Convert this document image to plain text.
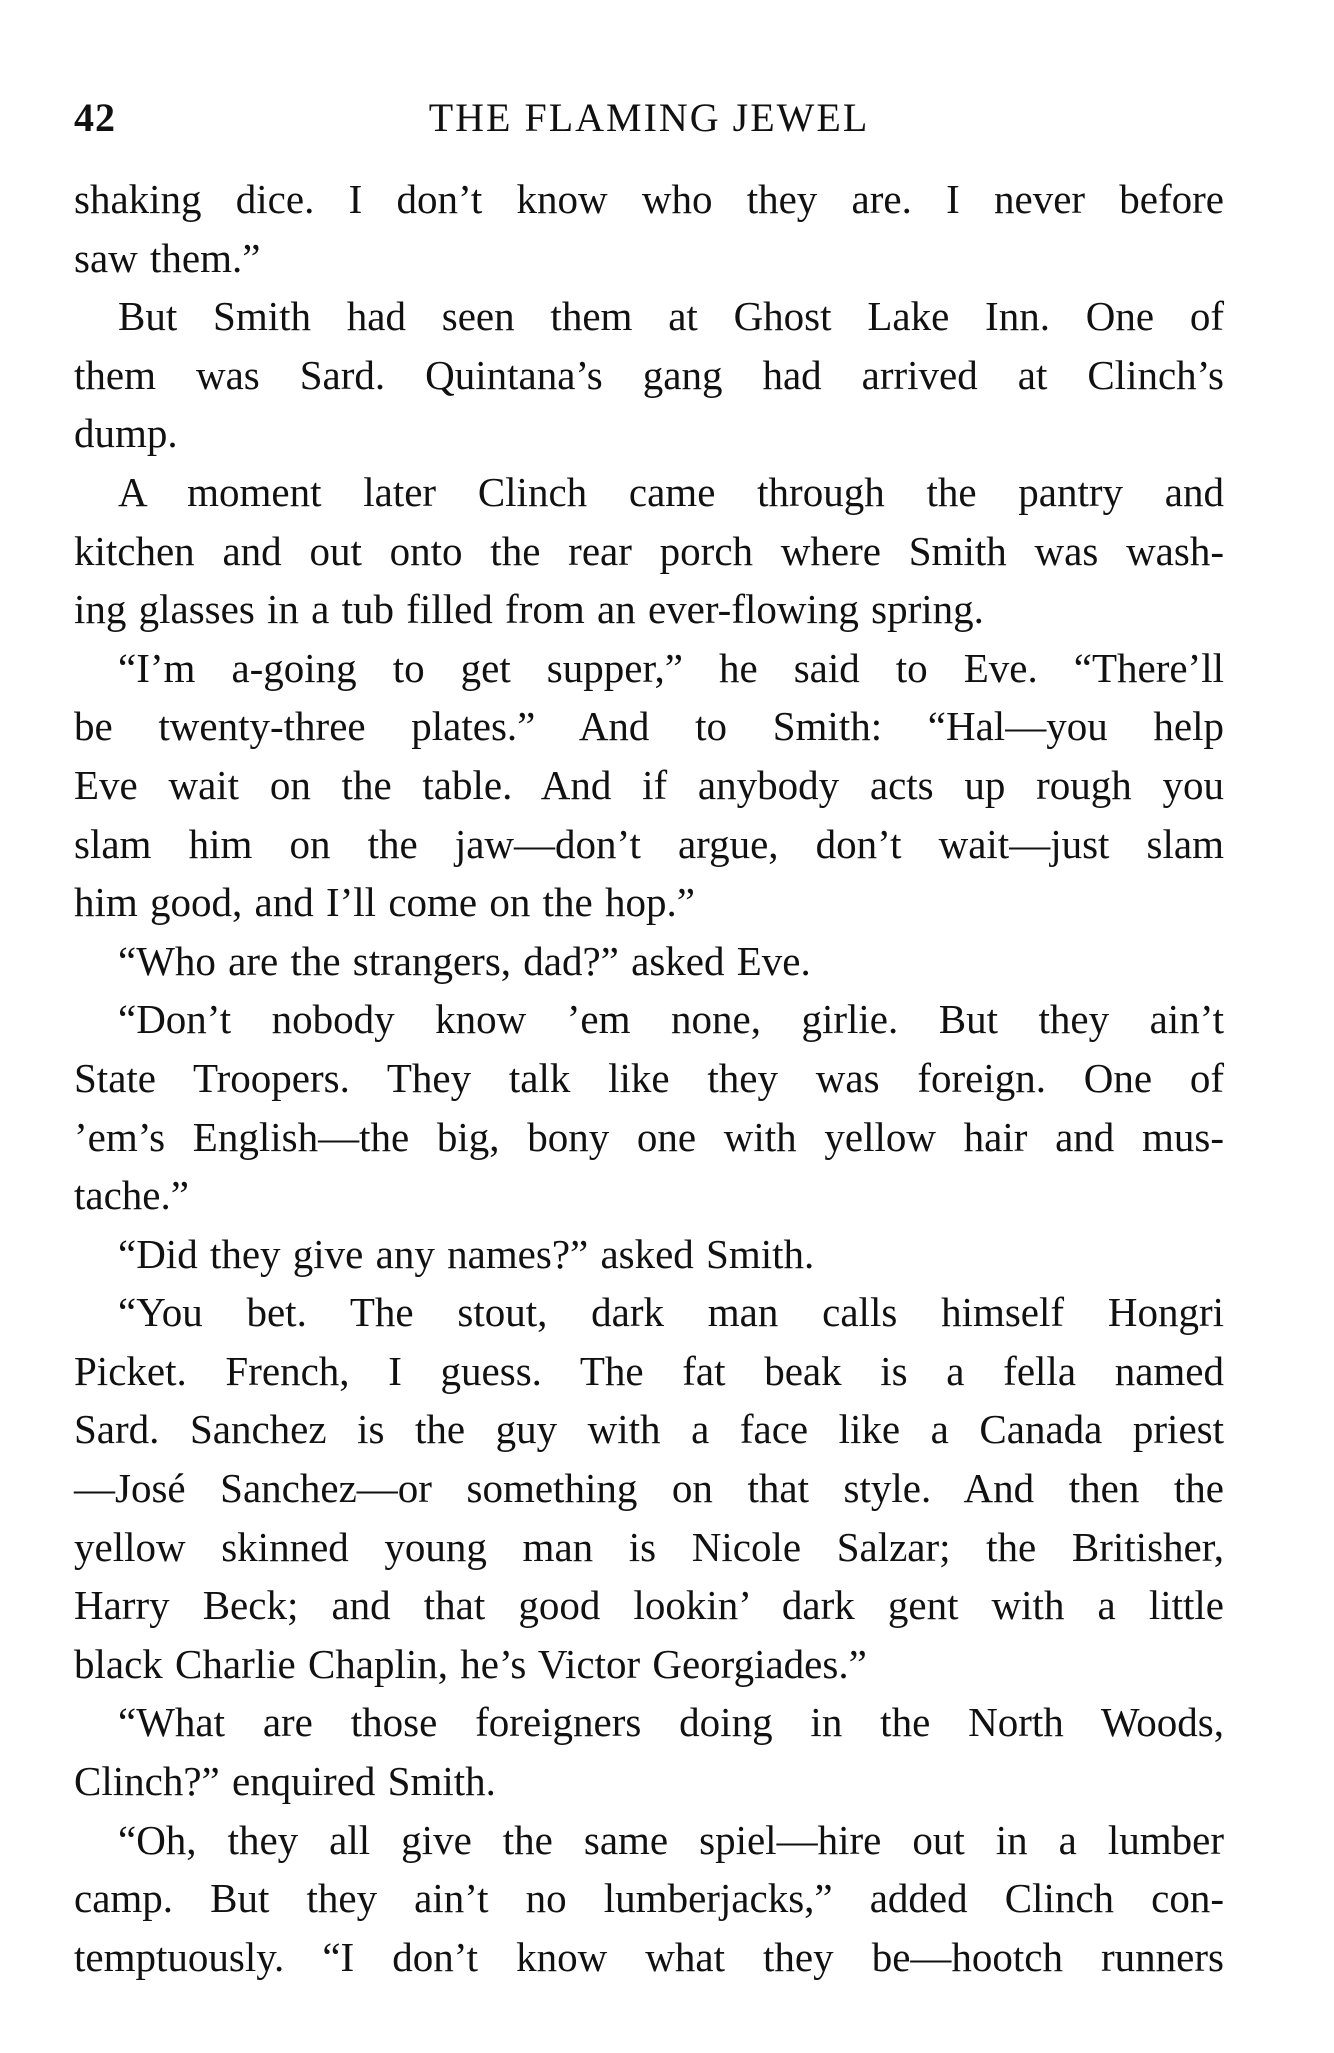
42	THE FLAMING JEWEL
shaking dice. I don’t know who they are. I never before
saw them.”
But Smith had seen them at Ghost Lake Inn. One of
them was Sard. Quintana’s gang had arrived at Clinch’s
dump.
A moment later Clinch came through the pantry and
kitchen and out onto the rear porch where Smith was wash-
ing glasses in a tub filled from an ever-flowing spring.
“I’m a-going to get supper,” he said to Eve. “There’ll
be twenty-three plates.” And to Smith: “Hal—you help
Eve wait on the table. And if anybody acts up rough you
slam him on the jaw—don’t argue, don’t wait—just slam
him good, and I’ll come on the hop.”
“Who are the strangers, dad?” asked Eve.
“Don’t nobody know ’em none, girlie. But they ain’t
State Troopers. They talk like they was foreign. One of
’em’s English—the big, bony one with yellow hair and mus-
tache.”
“Did they give any names?” asked Smith.
“You bet. The stout, dark man calls himself Hongri
Picket. French, I guess. The fat beak is a fella named
Sard. Sanchez is the guy with a face like a Canada priest
—José Sanchez—or something on that style. And then the
yellow skinned young man is Nicole Salzar; the Britisher,
Harry Beck; and that good lookin’ dark gent with a little
black Charlie Chaplin, he’s Victor Georgiades.”
“What are those foreigners doing in the North Woods,
Clinch?” enquired Smith.
“Oh, they all give the same spiel—hire out in a lumber
camp. But they ain’t no lumberjacks,” added Clinch con-
temptuously. “I don’t know what they be—hootch runners
